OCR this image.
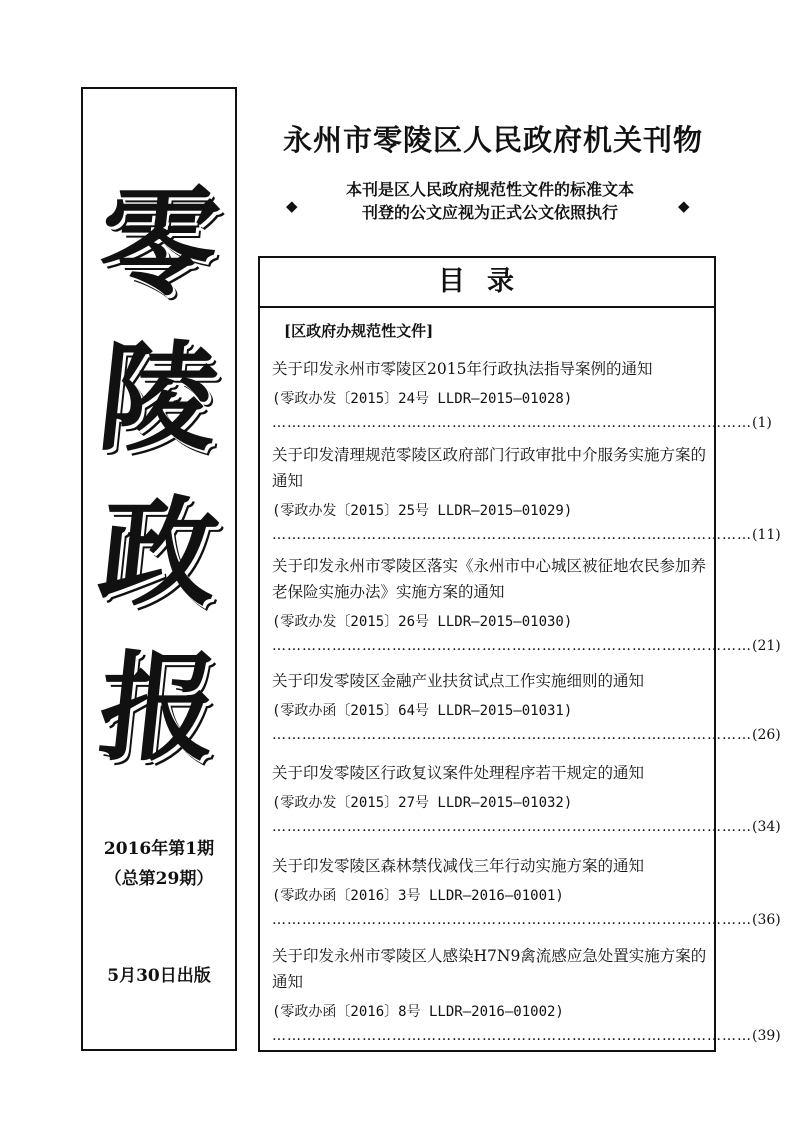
零
陵
政
报
2016年第1期
（总第29期）
5月30日出版
永州市零陵区人民政府机关刊物
◆
本刊是区人民政府规范性文件的标准文本
刊登的公文应视为正式公文依照执行	◆
目录
[区政府办规范性文件]
关于印发永州市零陵区2015年行政执法指导案例的通知
(零政办发〔2015〕24号 LLDR—2015—01028)
…………………………………………………………………………………… (1)
关于印发清理规范零陵区政府部门行政审批中介服务实施方案的通知
(零政办发〔2015〕25号 LLDR—2015—01029)
…………………………………………………………………………………… (11)
关于印发永州市零陵区落实《永州市中心城区被征地农民参加养老保险实施办法》实施方案的通知
(零政办发〔2015〕26号 LLDR—2015—01030)
…………………………………………………………………………………… (21)
关于印发零陵区金融产业扶贫试点工作实施细则的通知
(零政办函〔2015〕64号 LLDR—2015—01031)
…………………………………………………………………………………… (26)
关于印发零陵区行政复议案件处理程序若干规定的通知
(零政办发〔2015〕27号 LLDR—2015—01032)
…………………………………………………………………………………… (34)
关于印发零陵区森林禁伐减伐三年行动实施方案的通知
(零政办函〔2016〕3号 LLDR—2016—01001)
…………………………………………………………………………………… (36)
关于印发永州市零陵区人感染H7N9禽流感应急处置实施方案的通知
(零政办函〔2016〕8号 LLDR—2016—01002)
…………………………………………………………………………………… (39)
